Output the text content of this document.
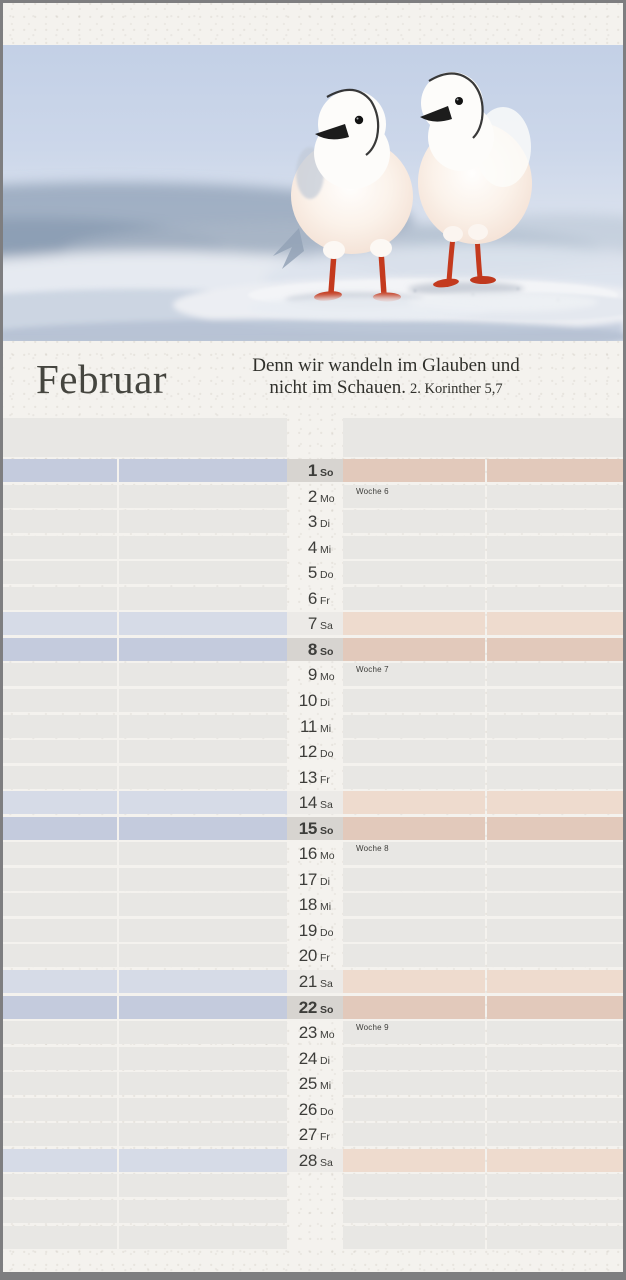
Februar	Denn wir wandeln im Glauben und
nicht im Schauen. 2. Korinther 5,7
1 So
2 Mo
Woche 6
3 Di
4 Mi
5 Do
6 Fr
7 Sa
8 So
9 Mo
Woche 7
10 Di
11 Mi
12 Do
13 Fr
14 Sa
15 So
16 Mo
Woche 8
17 Di
18 Mi
19 Do
20 Fr
21 Sa
22 So
23 Mo
Woche 9
24 Di
25 Mi
26 Do
27 Fr
28 Sa
